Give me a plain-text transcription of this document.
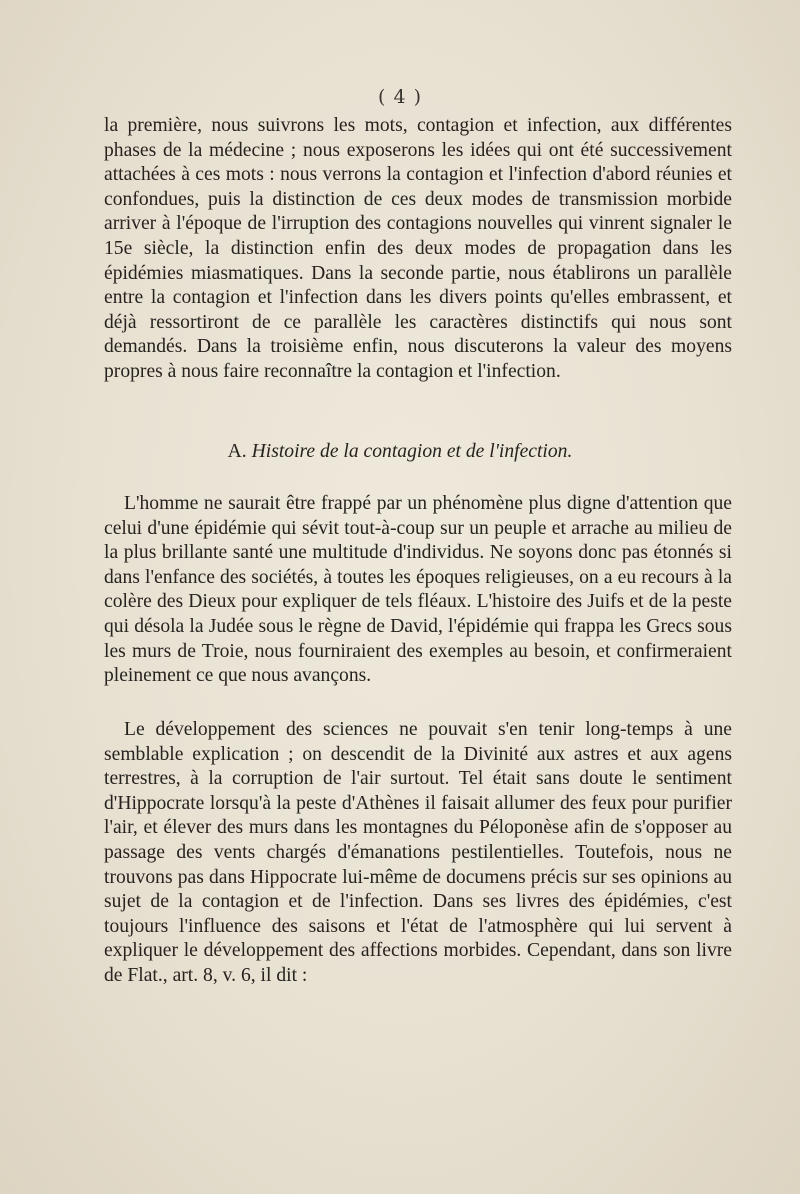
( 4 )

la première, nous suivrons les mots, contagion et infection, aux différentes phases de la médecine ; nous exposerons les idées qui ont été successivement attachées à ces mots : nous verrons la contagion et l'infection d'abord réunies et confondues, puis la distinction de ces deux modes de transmission morbide arriver à l'époque de l'irruption des contagions nouvelles qui vinrent signaler le 15e siècle, la distinction enfin des deux modes de propagation dans les épidémies miasmatiques. Dans la seconde partie, nous établirons un parallèle entre la contagion et l'infection dans les divers points qu'elles embrassent, et déjà ressortiront de ce parallèle les caractères distinctifs qui nous sont demandés. Dans la troisième enfin, nous discuterons la valeur des moyens propres à nous faire reconnaître la contagion et l'infection.

A. Histoire de la contagion et de l'infection.

L'homme ne saurait être frappé par un phénomène plus digne d'attention que celui d'une épidémie qui sévit tout-à-coup sur un peuple et arrache au milieu de la plus brillante santé une multitude d'individus. Ne soyons donc pas étonnés si dans l'enfance des sociétés, à toutes les époques religieuses, on a eu recours à la colère des Dieux pour expliquer de tels fléaux. L'histoire des Juifs et de la peste qui désola la Judée sous le règne de David, l'épidémie qui frappa les Grecs sous les murs de Troie, nous fourniraient des exemples au besoin, et confirmeraient pleinement ce que nous avançons.

Le développement des sciences ne pouvait s'en tenir long-temps à une semblable explication ; on descendit de la Divinité aux astres et aux agens terrestres, à la corruption de l'air surtout. Tel était sans doute le sentiment d'Hippocrate lorsqu'à la peste d'Athènes il faisait allumer des feux pour purifier l'air, et élever des murs dans les montagnes du Péloponèse afin de s'opposer au passage des vents chargés d'émanations pestilentielles. Toutefois, nous ne trouvons pas dans Hippocrate lui-même de documens précis sur ses opinions au sujet de la contagion et de l'infection. Dans ses livres des épidémies, c'est toujours l'influence des saisons et l'état de l'atmosphère qui lui servent à expliquer le développement des affections morbides. Cependant, dans son livre de Flat., art. 8, v. 6, il dit :
